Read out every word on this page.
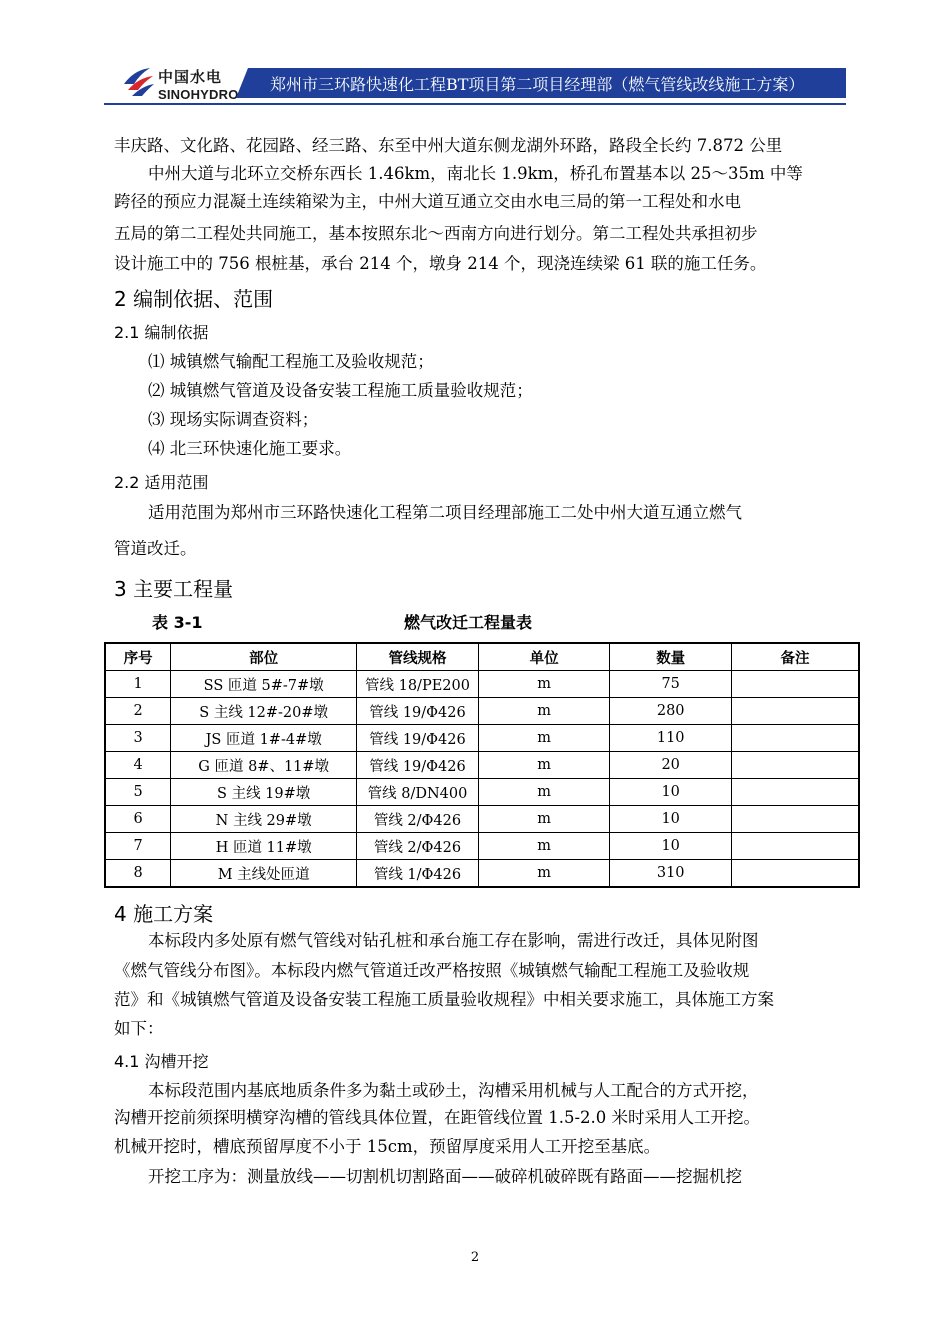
中国水电
SINOHYDRO
郑州市三环路快速化工程BT项目第二项目经理部（燃气管线改线施工方案）
丰庆路、文化路、花园路、经三路、东至中州大道东侧龙湖外环路，路段全长约 7.872 公里
中州大道与北环立交桥东西长 1.46km，南北长 1.9km，桥孔布置基本以 25～35m 中等
跨径的预应力混凝土连续箱梁为主，中州大道互通立交由水电三局的第一工程处和水电
五局的第二工程处共同施工，基本按照东北～西南方向进行划分。第二工程处共承担初步
设计施工中的 756 根桩基，承台 214 个，墩身 214 个，现浇连续梁 61 联的施工任务。
2 编制依据、范围
2.1 编制依据
⑴ 城镇燃气输配工程施工及验收规范；
⑵ 城镇燃气管道及设备安装工程施工质量验收规范；
⑶ 现场实际调查资料；
⑷ 北三环快速化施工要求。
2.2 适用范围
适用范围为郑州市三环路快速化工程第二项目经理部施工二处中州大道互通立燃气
管道改迁。
3 主要工程量
表 3-1	燃气改迁工程量表
序号	部位	管线规格	单位	数量	备注
1	SS 匝道 5#-7#墩	管线 18/PE200	m	75	
2	S 主线 12#-20#墩	管线 19/Φ426	m	280	
3	JS 匝道 1#-4#墩	管线 19/Φ426	m	110	
4	G 匝道 8#、11#墩	管线 19/Φ426	m	20	
5	S 主线 19#墩	管线 8/DN400	m	10	
6	N 主线 29#墩	管线 2/Φ426	m	10	
7	H 匝道 11#墩	管线 2/Φ426	m	10	
8	M 主线处匝道	管线 1/Φ426	m	310	
4 施工方案
本标段内多处原有燃气管线对钻孔桩和承台施工存在影响，需进行改迁，具体见附图
《燃气管线分布图》。本标段内燃气管道迁改严格按照《城镇燃气输配工程施工及验收规
范》和《城镇燃气管道及设备安装工程施工质量验收规程》中相关要求施工，具体施工方案
如下：
4.1 沟槽开挖
本标段范围内基底地质条件多为黏土或砂土，沟槽采用机械与人工配合的方式开挖，
沟槽开挖前须探明横穿沟槽的管线具体位置，在距管线位置 1.5-2.0 米时采用人工开挖。
机械开挖时，槽底预留厚度不小于 15cm，预留厚度采用人工开挖至基底。
开挖工序为：测量放线——切割机切割路面——破碎机破碎既有路面——挖掘机挖
2
